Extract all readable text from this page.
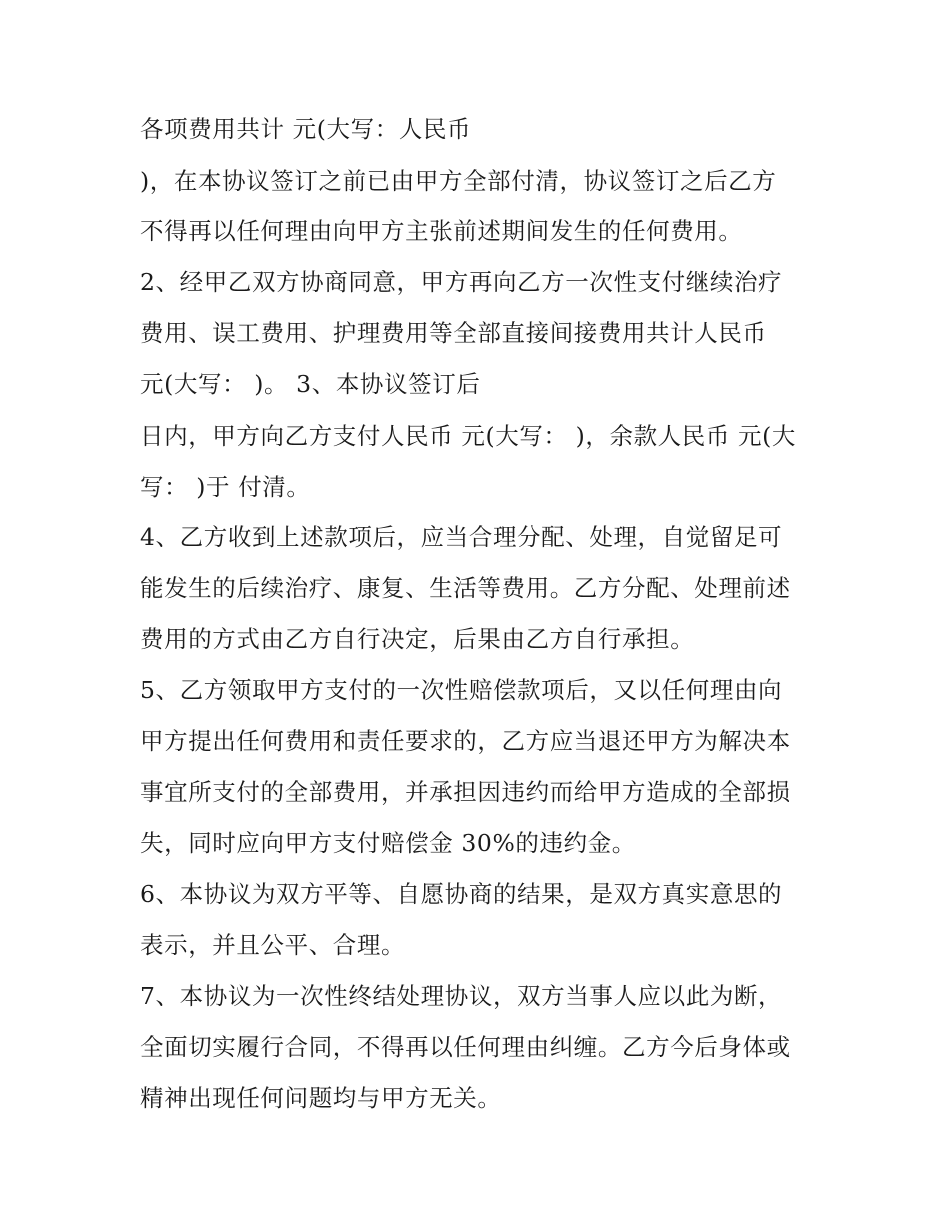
各项费用共计 元(大写：人民币
)，在本协议签订之前已由甲方全部付清，协议签订之后乙方
不得再以任何理由向甲方主张前述期间发生的任何费用。
2、经甲乙双方协商同意，甲方再向乙方一次性支付继续治疗
费用、误工费用、护理费用等全部直接间接费用共计人民币
元(大写： )。 3、本协议签订后
日内，甲方向乙方支付人民币 元(大写： )，余款人民币 元(大
写： )于 付清。
4、乙方收到上述款项后，应当合理分配、处理，自觉留足可
能发生的后续治疗、康复、生活等费用。乙方分配、处理前述
费用的方式由乙方自行决定，后果由乙方自行承担。
5、乙方领取甲方支付的一次性赔偿款项后，又以任何理由向
甲方提出任何费用和责任要求的，乙方应当退还甲方为解决本
事宜所支付的全部费用，并承担因违约而给甲方造成的全部损
失，同时应向甲方支付赔偿金 30%的违约金。
6、本协议为双方平等、自愿协商的结果，是双方真实意思的
表示，并且公平、合理。
7、本协议为一次性终结处理协议，双方当事人应以此为断，
全面切实履行合同，不得再以任何理由纠缠。乙方今后身体或
精神出现任何问题均与甲方无关。
